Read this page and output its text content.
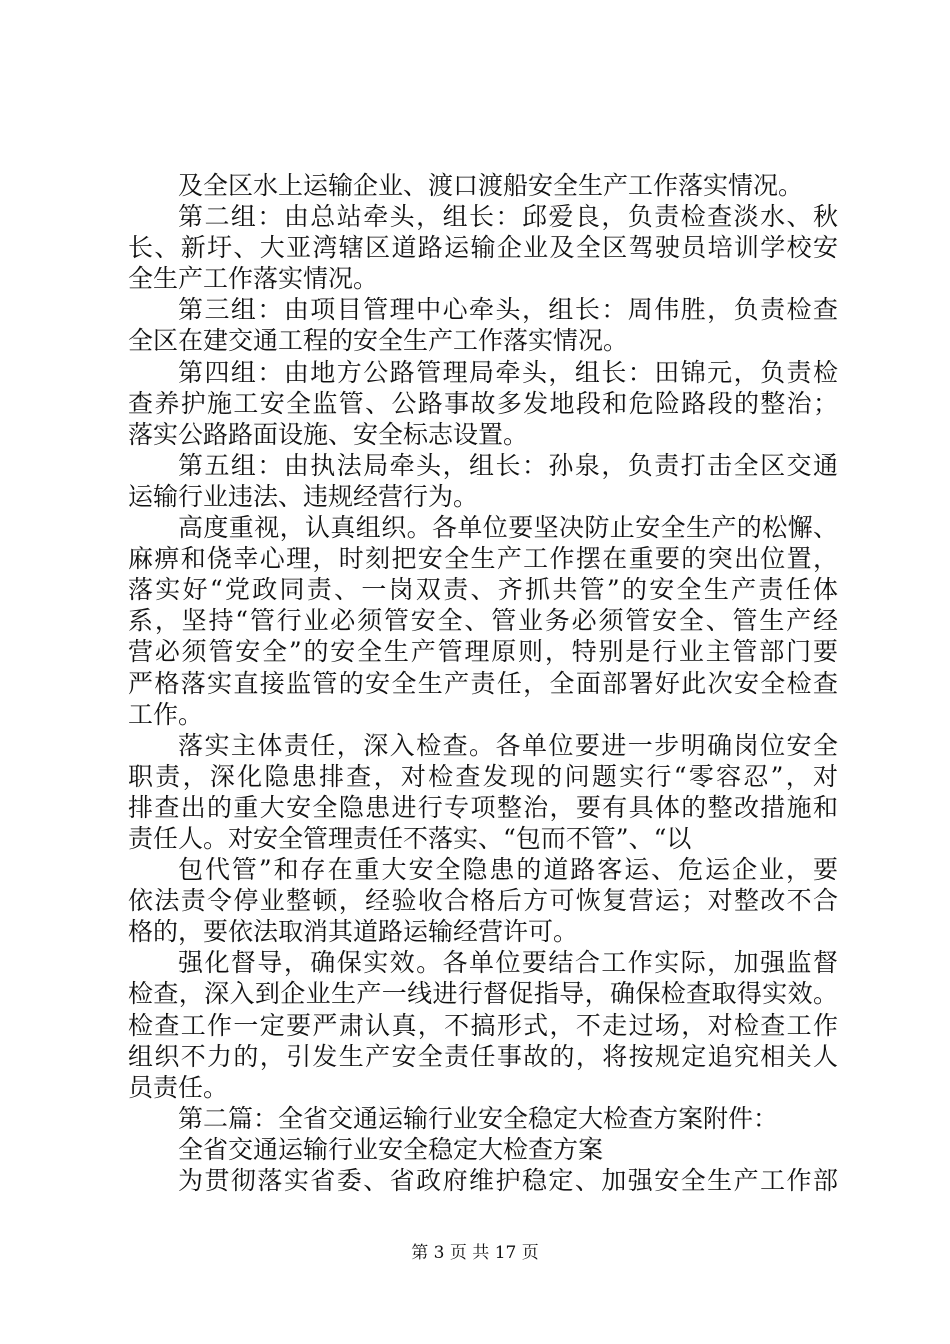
及全区水上运输企业、渡口渡船安全生产工作落实情况。
第二组：由总站牵头，组长：邱爱良，负责检查淡水、秋
长、新圩、大亚湾辖区道路运输企业及全区驾驶员培训学校安
全生产工作落实情况。
第三组：由项目管理中心牵头，组长：周伟胜，负责检查
全区在建交通工程的安全生产工作落实情况。
第四组：由地方公路管理局牵头，组长：田锦元，负责检
查养护施工安全监管、公路事故多发地段和危险路段的整治；
落实公路路面设施、安全标志设置。
第五组：由执法局牵头，组长：孙泉，负责打击全区交通
运输行业违法、违规经营行为。
高度重视，认真组织。各单位要坚决防止安全生产的松懈、
麻痹和侥幸心理，时刻把安全生产工作摆在重要的突出位置，
落实好“党政同责、一岗双责、齐抓共管”的安全生产责任体
系，坚持“管行业必须管安全、管业务必须管安全、管生产经
营必须管安全”的安全生产管理原则，特别是行业主管部门要
严格落实直接监管的安全生产责任，全面部署好此次安全检查
工作。
落实主体责任，深入检查。各单位要进一步明确岗位安全
职责，深化隐患排查，对检查发现的问题实行“零容忍”，对
排查出的重大安全隐患进行专项整治，要有具体的整改措施和
责任人。对安全管理责任不落实、“包而不管”、“以
包代管”和存在重大安全隐患的道路客运、危运企业，要
依法责令停业整顿，经验收合格后方可恢复营运；对整改不合
格的，要依法取消其道路运输经营许可。
强化督导，确保实效。各单位要结合工作实际，加强监督
检查，深入到企业生产一线进行督促指导，确保检查取得实效。
检查工作一定要严肃认真，不搞形式，不走过场，对检查工作
组织不力的，引发生产安全责任事故的，将按规定追究相关人
员责任。
第二篇：全省交通运输行业安全稳定大检查方案附件：
全省交通运输行业安全稳定大检查方案
为贯彻落实省委、省政府维护稳定、加强安全生产工作部
第 3 页 共 17 页
